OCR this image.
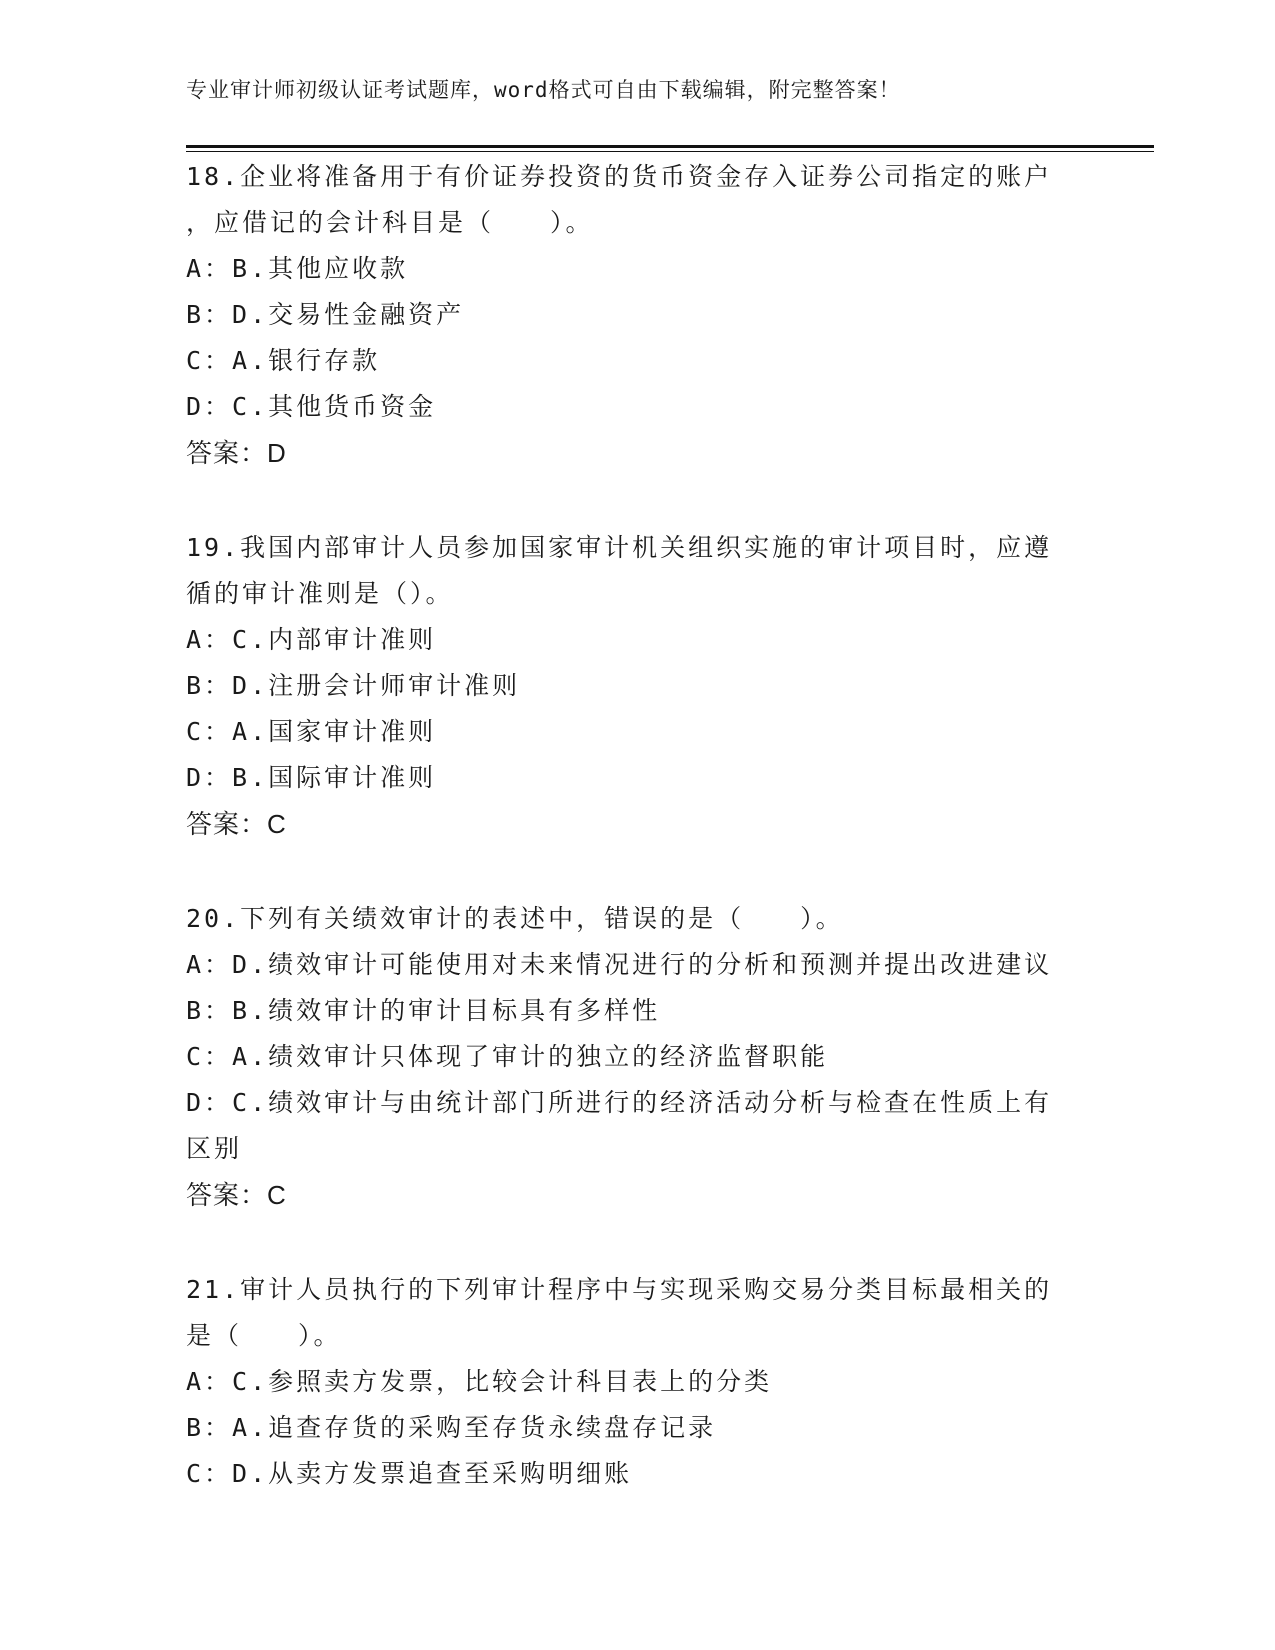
专业审计师初级认证考试题库，word格式可自由下载编辑，附完整答案！
18.企业将准备用于有价证券投资的货币资金存入证券公司指定的账户
，应借记的会计科目是（　　）。
A：B.其他应收款
B：D.交易性金融资产
C：A.银行存款
D：C.其他货币资金
答案：D
19.我国内部审计人员参加国家审计机关组织实施的审计项目时，应遵
循的审计准则是（）。
A：C.内部审计准则
B：D.注册会计师审计准则
C：A.国家审计准则
D：B.国际审计准则
答案：C
20.下列有关绩效审计的表述中，错误的是（　　）。
A：D.绩效审计可能使用对未来情况进行的分析和预测并提出改进建议
B：B.绩效审计的审计目标具有多样性
C：A.绩效审计只体现了审计的独立的经济监督职能
D：C.绩效审计与由统计部门所进行的经济活动分析与检查在性质上有
区别
答案：C
21.审计人员执行的下列审计程序中与实现采购交易分类目标最相关的
是（　　）。
A：C.参照卖方发票，比较会计科目表上的分类
B：A.追查存货的采购至存货永续盘存记录
C：D.从卖方发票追查至采购明细账
